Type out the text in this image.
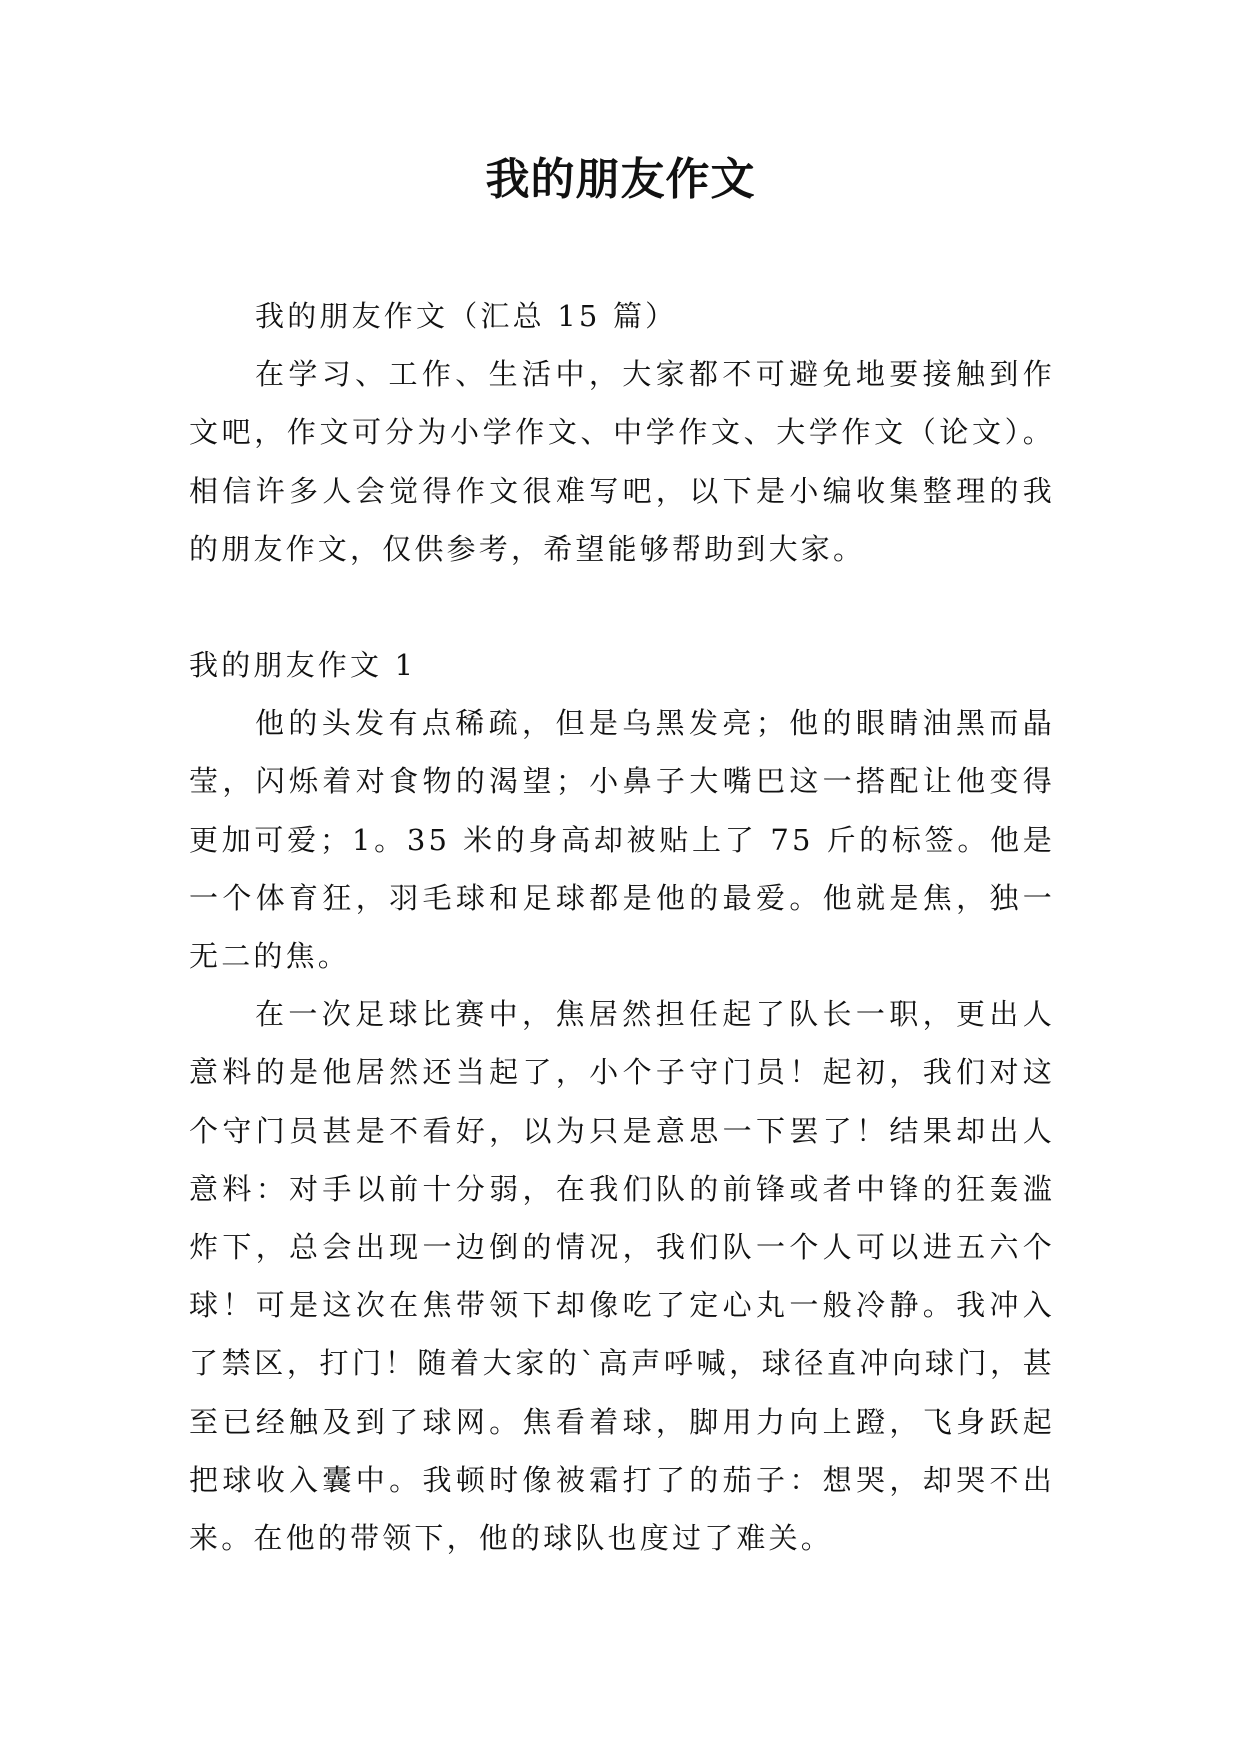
我的朋友作文

我的朋友作文（汇总 15 篇）

在学习、工作、生活中，大家都不可避免地要接触到作文吧，作文可分为小学作文、中学作文、大学作文（论文）。相信许多人会觉得作文很难写吧，以下是小编收集整理的我的朋友作文，仅供参考，希望能够帮助到大家。

我的朋友作文 1

他的头发有点稀疏，但是乌黑发亮；他的眼睛油黑而晶莹，闪烁着对食物的渴望；小鼻子大嘴巴这一搭配让他变得更加可爱；1。35 米的身高却被贴上了 75 斤的标签。他是一个体育狂，羽毛球和足球都是他的最爱。他就是焦，独一无二的焦。

在一次足球比赛中，焦居然担任起了队长一职，更出人意料的是他居然还当起了，小个子守门员！起初，我们对这个守门员甚是不看好，以为只是意思一下罢了！结果却出人意料：对手以前十分弱，在我们队的前锋或者中锋的狂轰滥炸下，总会出现一边倒的情况，我们队一个人可以进五六个球！可是这次在焦带领下却像吃了定心丸一般冷静。我冲入了禁区，打门！随着大家的`高声呼喊，球径直冲向球门，甚至已经触及到了球网。焦看着球，脚用力向上蹬，飞身跃起把球收入囊中。我顿时像被霜打了的茄子：想哭，却哭不出来。在他的带领下，他的球队也度过了难关。
